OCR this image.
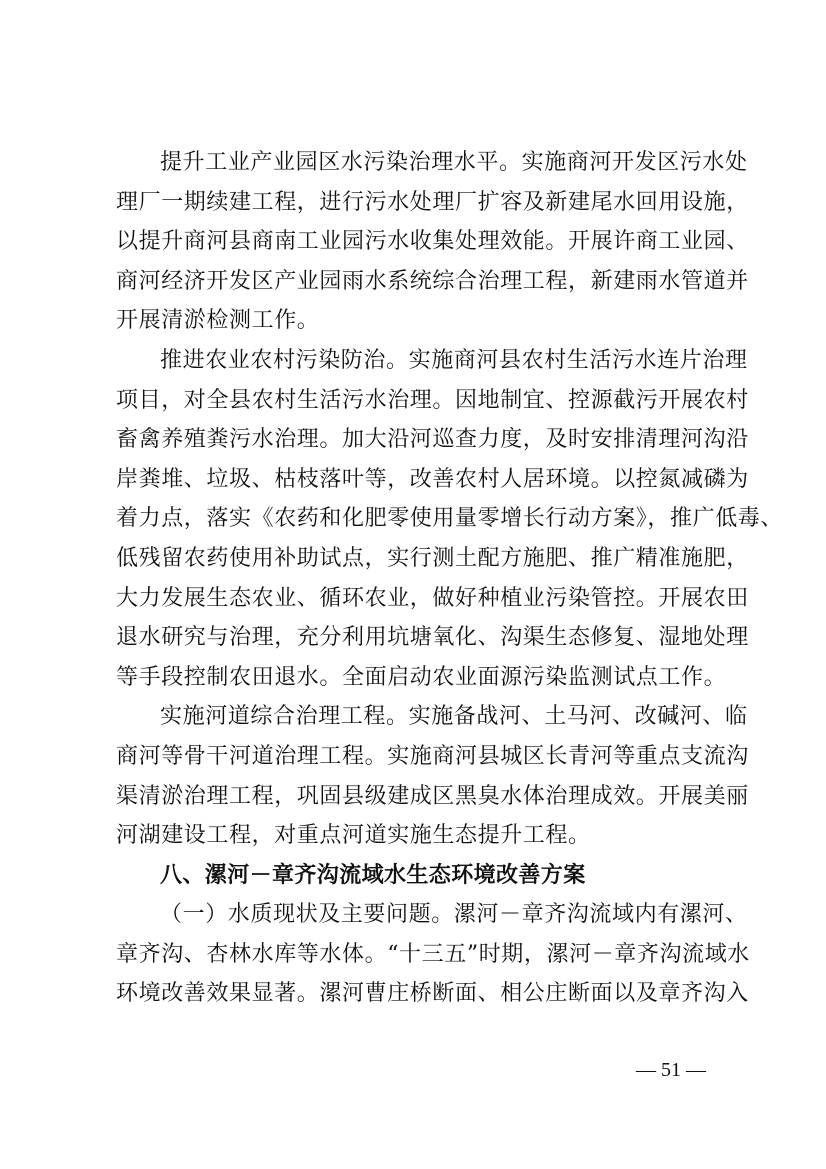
提升工业产业园区水污染治理水平。实施商河开发区污水处
理厂一期续建工程，进行污水处理厂扩容及新建尾水回用设施，
以提升商河县商南工业园污水收集处理效能。开展许商工业园、
商河经济开发区产业园雨水系统综合治理工程，新建雨水管道并
开展清淤检测工作。
推进农业农村污染防治。实施商河县农村生活污水连片治理
项目，对全县农村生活污水治理。因地制宜、控源截污开展农村
畜禽养殖粪污水治理。加大沿河巡查力度，及时安排清理河沟沿
岸粪堆、垃圾、枯枝落叶等，改善农村人居环境。以控氮减磷为
着力点，落实《农药和化肥零使用量零增长行动方案》，推广低毒、
低残留农药使用补助试点，实行测土配方施肥、推广精准施肥，
大力发展生态农业、循环农业，做好种植业污染管控。开展农田
退水研究与治理，充分利用坑塘氧化、沟渠生态修复、湿地处理
等手段控制农田退水。全面启动农业面源污染监测试点工作。
实施河道综合治理工程。实施备战河、土马河、改碱河、临
商河等骨干河道治理工程。实施商河县城区长青河等重点支流沟
渠清淤治理工程，巩固县级建成区黑臭水体治理成效。开展美丽
河湖建设工程，对重点河道实施生态提升工程。
八、漯河－章齐沟流域水生态环境改善方案
（一）水质现状及主要问题。漯河－章齐沟流域内有漯河、
章齐沟、杏林水库等水体。“十三五”时期，漯河－章齐沟流域水
环境改善效果显著。漯河曹庄桥断面、相公庄断面以及章齐沟入
— 51 —
